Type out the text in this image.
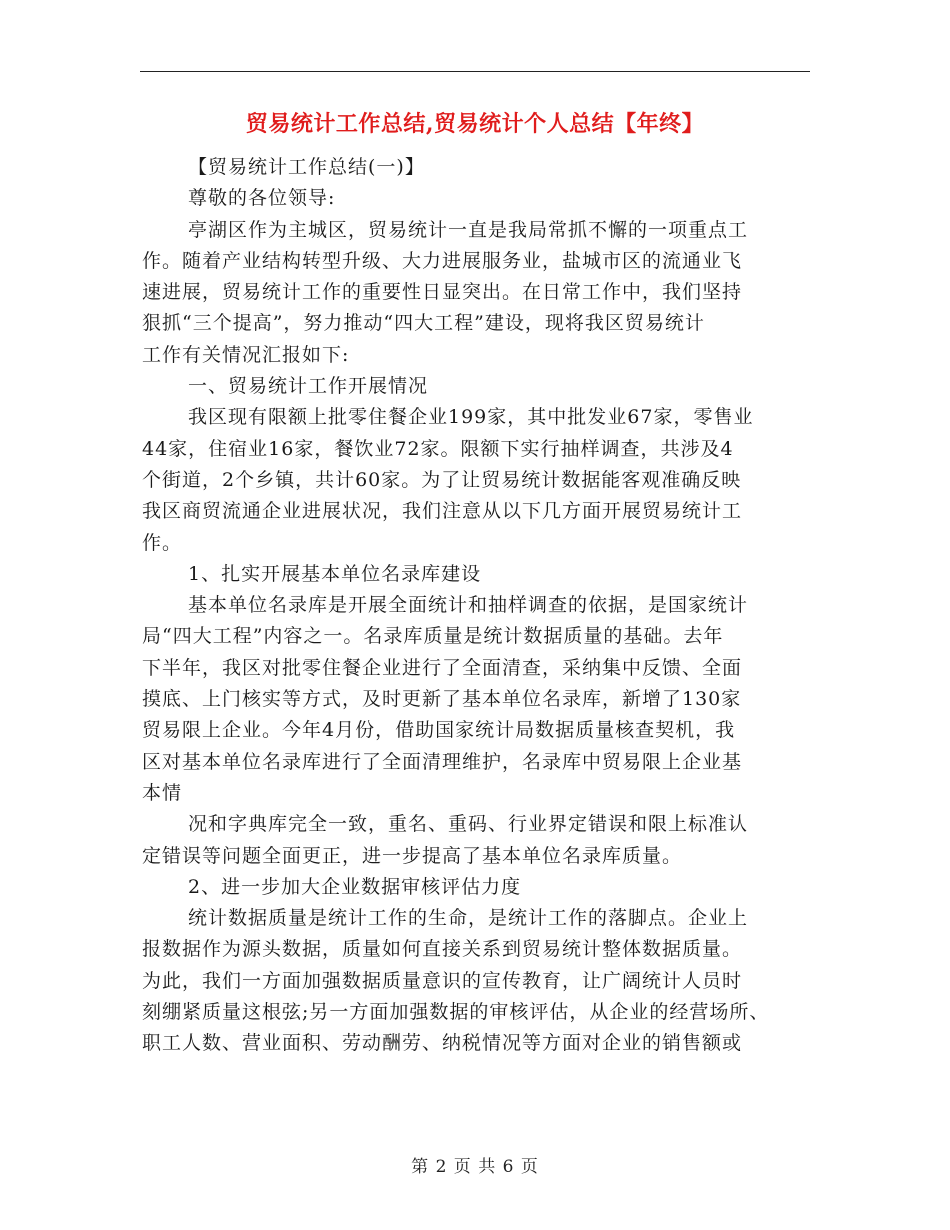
贸易统计工作总结,贸易统计个人总结【年终】

【贸易统计工作总结(一)】

尊敬的各位领导:

亭湖区作为主城区，贸易统计一直是我局常抓不懈的一项重点工

作。随着产业结构转型升级、大力进展服务业，盐城市区的流通业飞

速进展，贸易统计工作的重要性日显突出。在日常工作中，我们坚持

狠抓“三个提高”，努力推动“四大工程”建设，现将我区贸易统计

工作有关情况汇报如下:

一、贸易统计工作开展情况

我区现有限额上批零住餐企业199家，其中批发业67家，零售业

44家，住宿业16家，餐饮业72家。限额下实行抽样调查，共涉及4

个街道，2个乡镇，共计60家。为了让贸易统计数据能客观准确反映

我区商贸流通企业进展状况，我们注意从以下几方面开展贸易统计工

作。

1、扎实开展基本单位名录库建设

基本单位名录库是开展全面统计和抽样调查的依据，是国家统计

局“四大工程”内容之一。名录库质量是统计数据质量的基础。去年

下半年，我区对批零住餐企业进行了全面清查，采纳集中反馈、全面

摸底、上门核实等方式，及时更新了基本单位名录库，新增了130家

贸易限上企业。今年4月份，借助国家统计局数据质量核查契机，我

区对基本单位名录库进行了全面清理维护，名录库中贸易限上企业基

本情

况和字典库完全一致，重名、重码、行业界定错误和限上标准认

定错误等问题全面更正，进一步提高了基本单位名录库质量。

2、进一步加大企业数据审核评估力度

统计数据质量是统计工作的生命，是统计工作的落脚点。企业上

报数据作为源头数据，质量如何直接关系到贸易统计整体数据质量。

为此，我们一方面加强数据质量意识的宣传教育，让广阔统计人员时

刻绷紧质量这根弦;另一方面加强数据的审核评估，从企业的经营场所、

职工人数、营业面积、劳动酬劳、纳税情况等方面对企业的销售额或

第 2 页 共 6 页
